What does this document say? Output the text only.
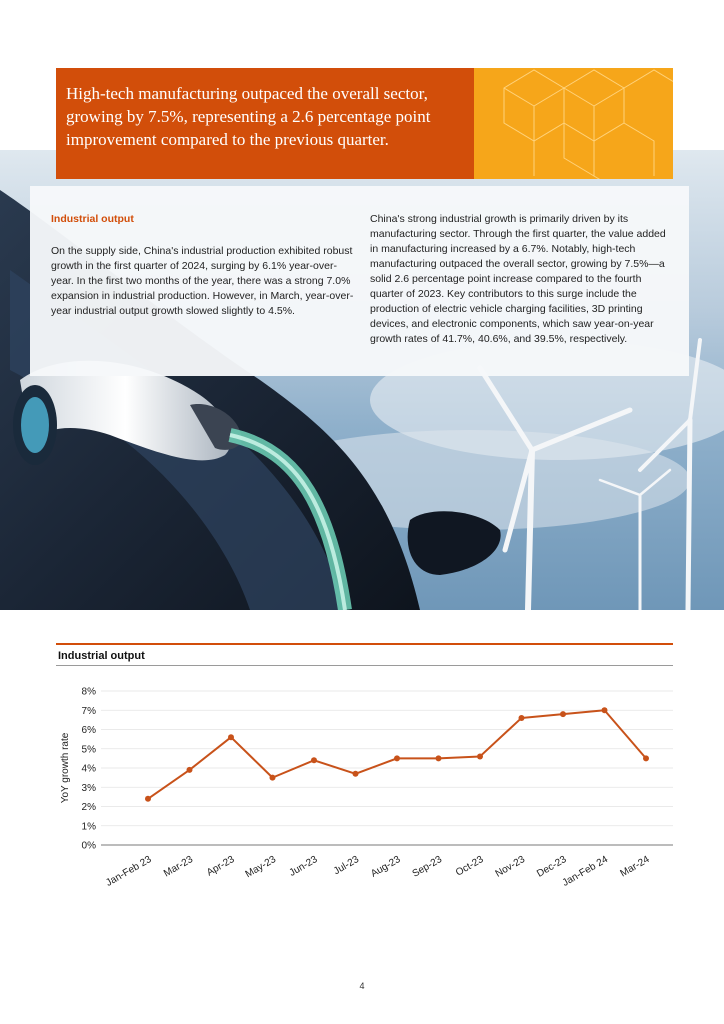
High-tech manufacturing outpaced the overall sector, growing by 7.5%, representing a 2.6 percentage point improvement compared to the previous quarter.
Industrial output
On the supply side, China's industrial production exhibited robust growth in the first quarter of 2024, surging by 6.1% year-over-year. In the first two months of the year, there was a strong 7.0% expansion in industrial production. However, in March, year-over-year industrial output growth slowed slightly to 4.5%.
China's strong industrial growth is primarily driven by its manufacturing sector. Through the first quarter, the value added in manufacturing increased by a 6.7%. Notably, high-tech manufacturing outpaced the overall sector, growing by 7.5%—a solid 2.6 percentage point increase compared to the fourth quarter of 2023. Key contributors to this surge include the production of electric vehicle charging facilities, 3D printing devices, and electronic components, which saw year-on-year growth rates of 41.7%, 40.6%, and 39.5%, respectively.
Industrial output
0%
1%
2%
3%
4%
5%
6%
7%
8%
Jan-Feb 23 Mar-23 Apr-23 May-23 Jun-23 Jul-23 Aug-23 Sep-23 Oct-23 Nov-23 Dec-23
Jan-Feb 24 Mar-24
YoY growth rate
4
